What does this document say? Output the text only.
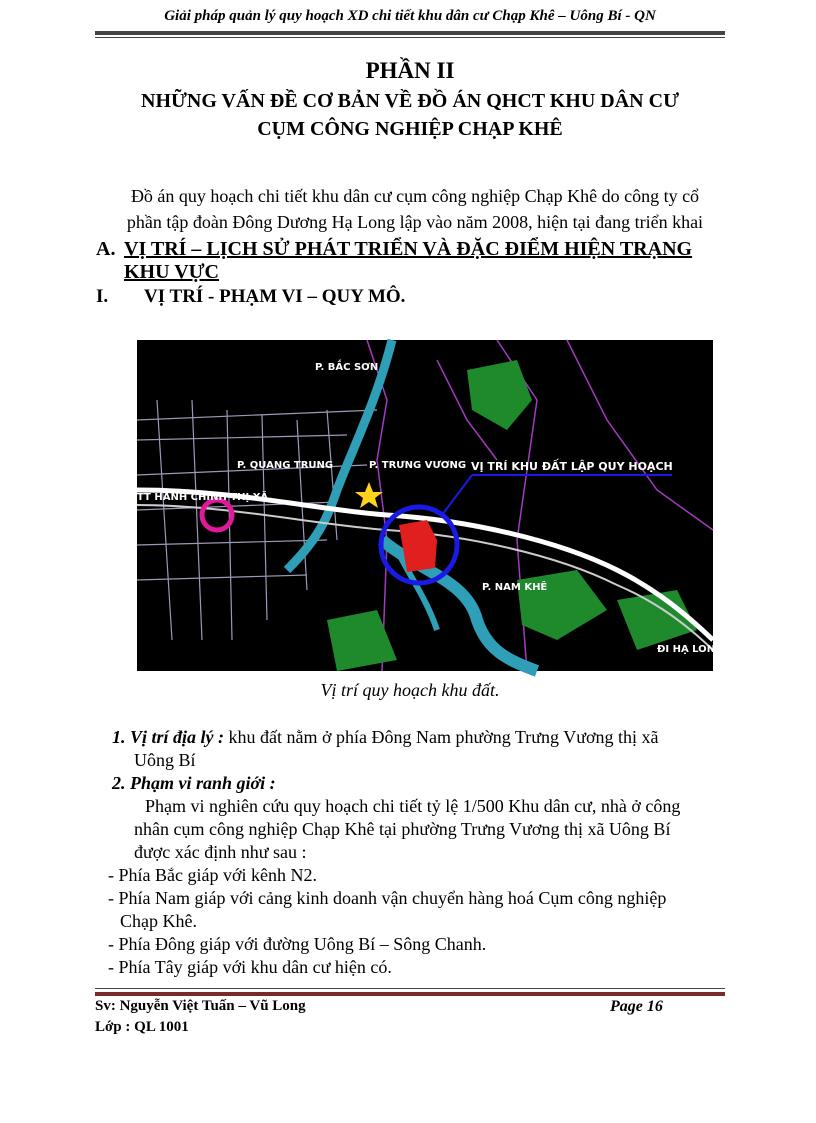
Giải pháp quản lý quy hoạch XD chi tiết khu dân cư Chạp Khê – Uông Bí - QN
PHẦN II
NHỮNG VẤN ĐỀ CƠ BẢN VỀ ĐỒ ÁN QHCT KHU DÂN CƯ
CỤM CÔNG NGHIỆP CHẠP KHÊ
Đồ án quy hoạch chi tiết khu dân cư cụm công nghiệp Chạp Khê do công ty cổ
phần tập đoàn Đông Dương Hạ Long lập vào năm 2008, hiện tại đang triển khai
A. VỊ TRÍ – LỊCH SỬ PHÁT TRIỂN VÀ ĐẶC ĐIỂM HIỆN TRẠNG
KHU VỰC
I. VỊ TRÍ - PHẠM VI – QUY MÔ.
P. BẮC SƠN
P. QUANG TRUNG	P. TRƯNG VƯƠNG VỊ TRÍ KHU ĐẤT LẬP QUY HOẠCH
TT HÀNH CHÍNH THỊ XÃ
P. NAM KHÊ
ĐI HẠ LONG
Vị trí quy hoạch khu đất.
1. Vị trí địa lý : khu đất nằm ở phía Đông Nam phường Trưng Vương thị xã
Uông Bí
2. Phạm vi ranh giới :
Phạm vi nghiên cứu quy hoạch chi tiết tỷ lệ 1/500 Khu dân cư, nhà ở công
nhân cụm công nghiệp Chạp Khê tại phường Trưng Vương thị xã Uông Bí
được xác định như sau :
- Phía Bắc giáp với kênh N2.
- Phía Nam giáp với cảng kinh doanh vận chuyển hàng hoá Cụm công nghiệp
Chạp Khê.
- Phía Đông giáp với đường Uông Bí – Sông Chanh.
- Phía Tây giáp với khu dân cư hiện có.
Sv: Nguyễn Việt Tuấn – Vũ Long
Lớp : QL 1001
Page 16
